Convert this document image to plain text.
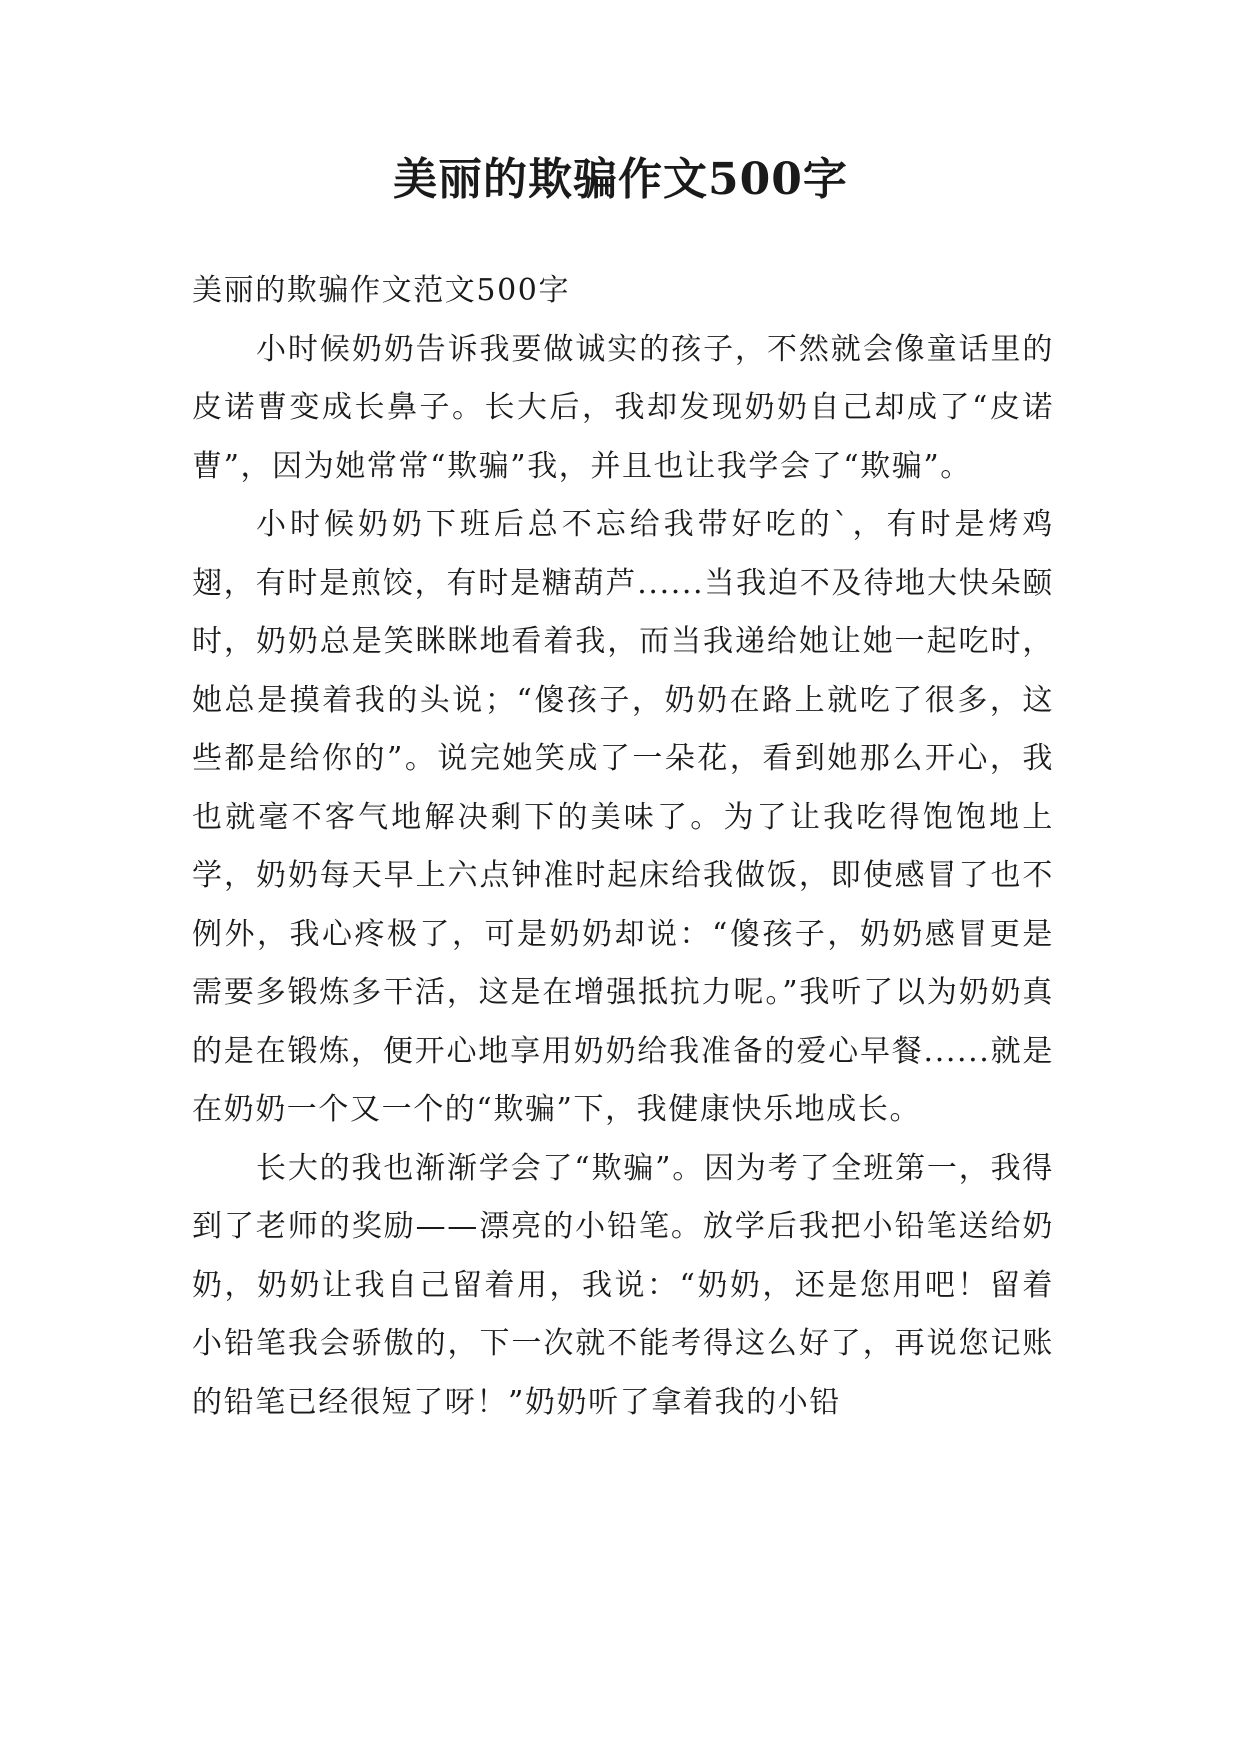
美丽的欺骗作文500字

美丽的欺骗作文范文500字

小时候奶奶告诉我要做诚实的孩子，不然就会像童话里的皮诺曹变成长鼻子。长大后，我却发现奶奶自己却成了“皮诺曹”，因为她常常“欺骗”我，并且也让我学会了“欺骗”。

小时候奶奶下班后总不忘给我带好吃的`，有时是烤鸡翅，有时是煎饺，有时是糖葫芦......当我迫不及待地大快朵颐时，奶奶总是笑眯眯地看着我，而当我递给她让她一起吃时，她总是摸着我的头说；“傻孩子，奶奶在路上就吃了很多，这些都是给你的”。说完她笑成了一朵花，看到她那么开心，我也就毫不客气地解决剩下的美味了。为了让我吃得饱饱地上学，奶奶每天早上六点钟准时起床给我做饭，即使感冒了也不例外，我心疼极了，可是奶奶却说：“傻孩子，奶奶感冒更是需要多锻炼多干活，这是在增强抵抗力呢。”我听了以为奶奶真的是在锻炼，便开心地享用奶奶给我准备的爱心早餐......就是在奶奶一个又一个的“欺骗”下，我健康快乐地成长。

长大的我也渐渐学会了“欺骗”。因为考了全班第一，我得到了老师的奖励——漂亮的小铅笔。放学后我把小铅笔送给奶奶，奶奶让我自己留着用，我说：“奶奶，还是您用吧！留着小铅笔我会骄傲的，下一次就不能考得这么好了，再说您记账的铅笔已经很短了呀！”奶奶听了拿着我的小铅
